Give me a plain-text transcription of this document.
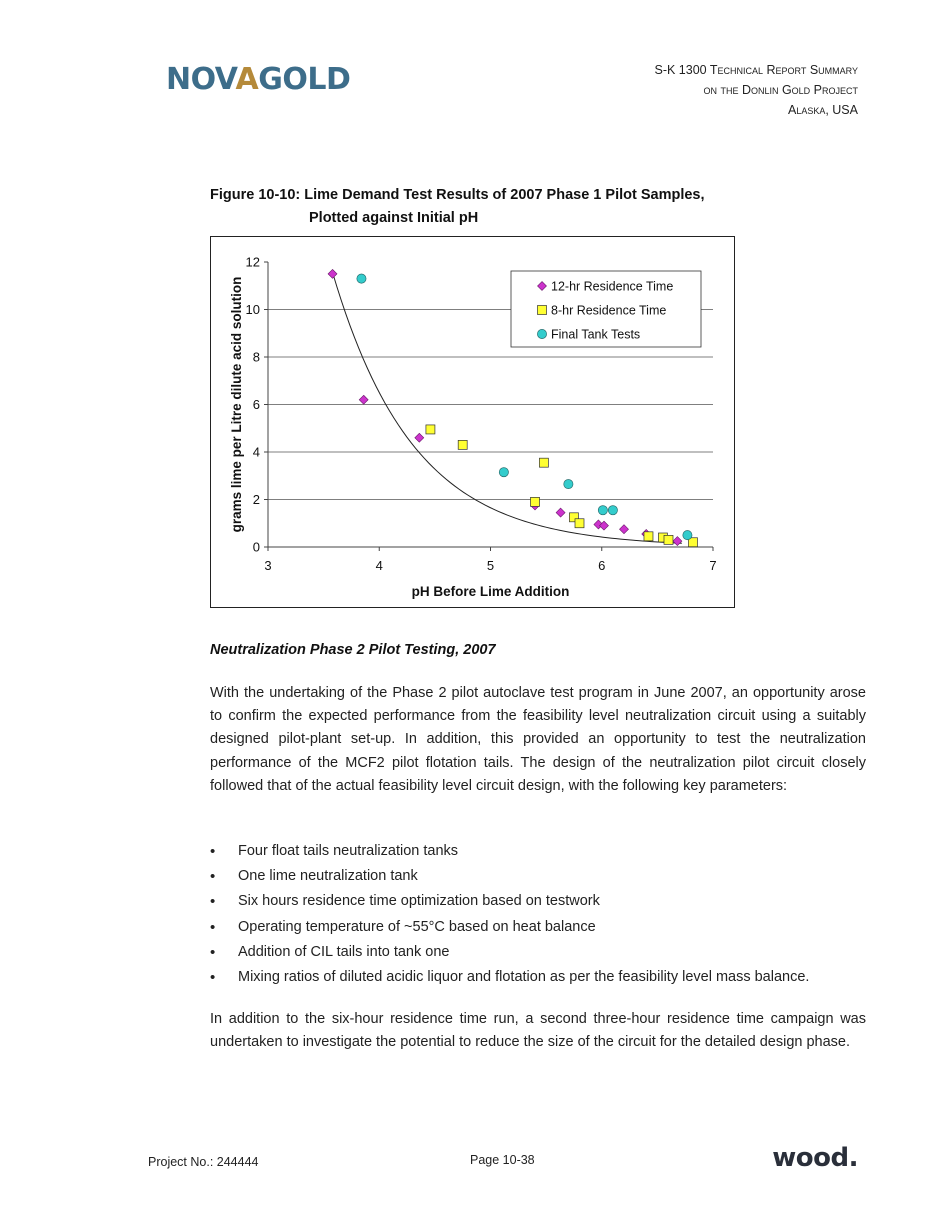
NOVAGOLD	S-K 1300 Technical Report Summary
on the Donlin Gold Project
Alaska, USA
Figure 10-10: Lime Demand Test Results of 2007 Phase 1 Pilot Samples,
Plotted against Initial pH
0
2
4
6
8
10
12
3	4	5	6	7
pH Before Lime Addition
grams lime per Litre dilute acid solution	12-hr Residence Time
8-hr Residence Time
Final Tank Tests
Neutralization Phase 2 Pilot Testing, 2007
With the undertaking of the Phase 2 pilot autoclave test program in June 2007, an opportunity arose to confirm the expected performance from the feasibility level neutralization circuit using a suitably designed pilot-plant set-up. In addition, this provided an opportunity to test the neutralization performance of the MCF2 pilot flotation tails. The design of the neutralization pilot circuit closely followed that of the actual feasibility level circuit design, with the following key parameters:
• Four float tails neutralization tanks
• One lime neutralization tank
• Six hours residence time optimization based on testwork
• Operating temperature of ~55°C based on heat balance
• Addition of CIL tails into tank one
• Mixing ratios of diluted acidic liquor and flotation as per the feasibility level mass balance.
In addition to the six-hour residence time run, a second three-hour residence time campaign was undertaken to investigate the potential to reduce the size of the circuit for the detailed design phase.
Project No.: 244444	Page 10-38	wood.
